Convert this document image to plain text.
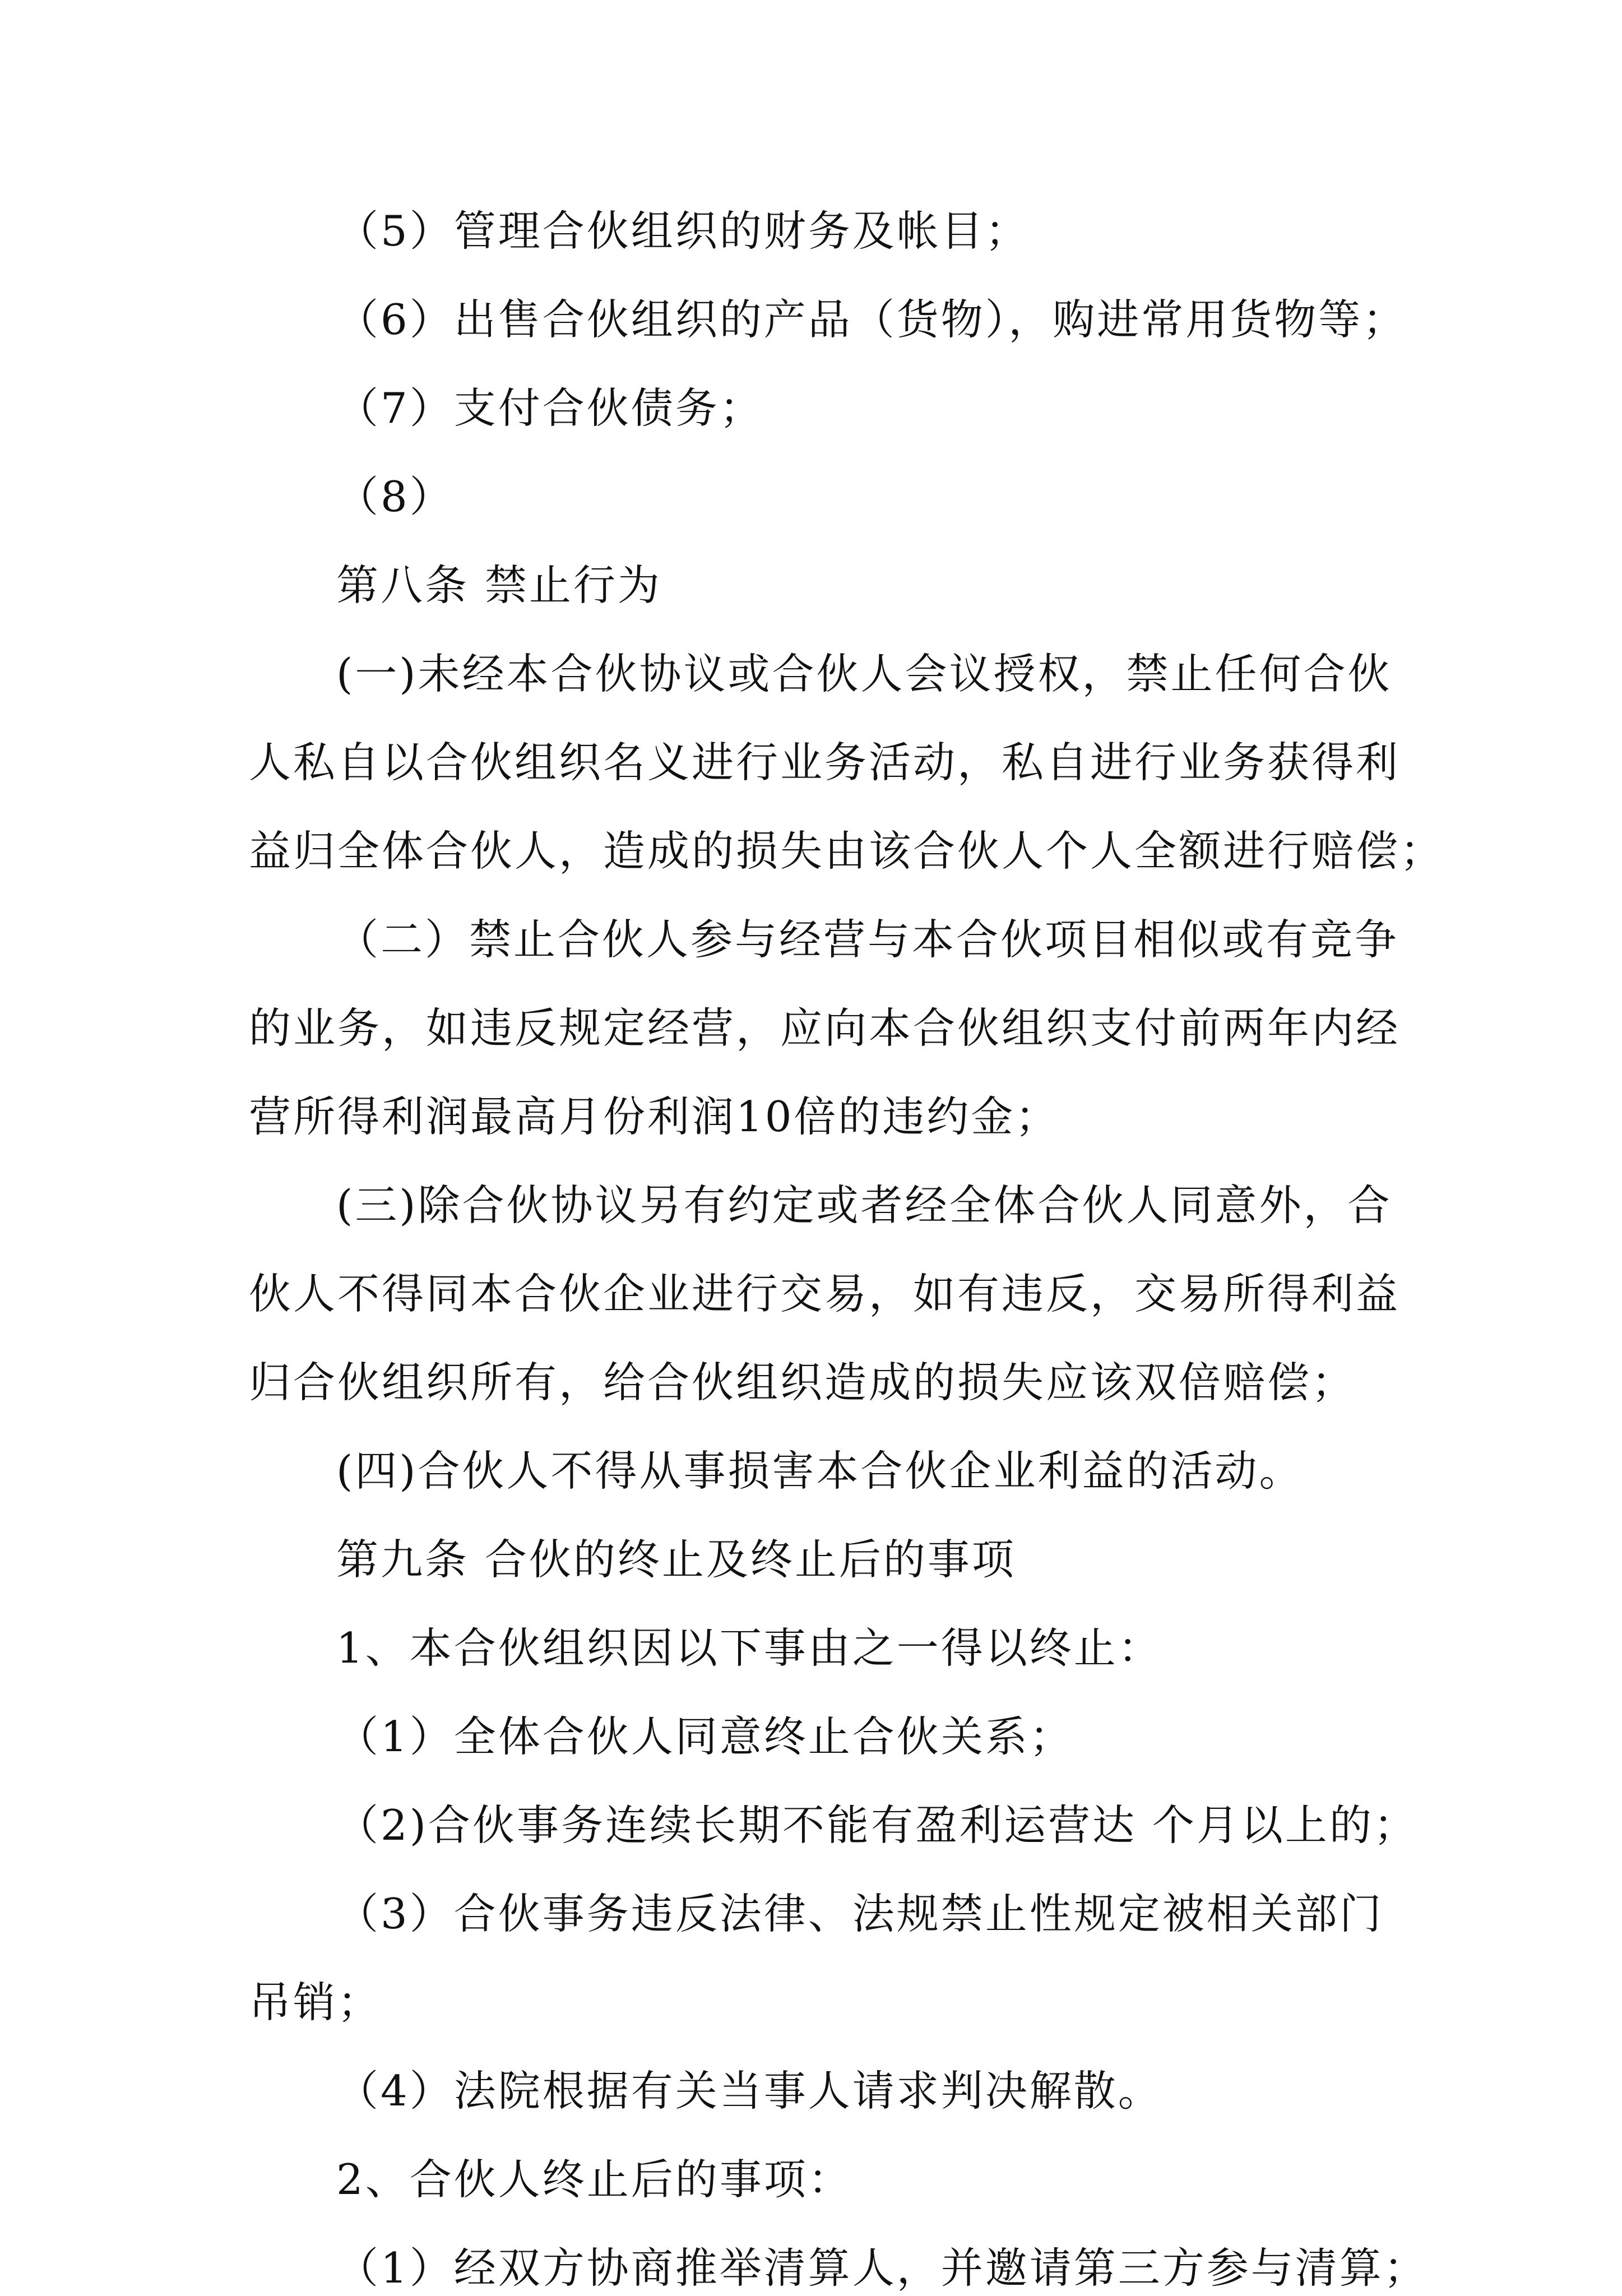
（5）管理合伙组织的财务及帐目；
（6）出售合伙组织的产品（货物），购进常用货物等；
（7）支付合伙债务；
（8）
第八条 禁止行为
(一)未经本合伙协议或合伙人会议授权，禁止任何合伙
人私自以合伙组织名义进行业务活动，私自进行业务获得利
益归全体合伙人，造成的损失由该合伙人个人全额进行赔偿；
（二）禁止合伙人参与经营与本合伙项目相似或有竞争
的业务，如违反规定经营，应向本合伙组织支付前两年内经
营所得利润最高月份利润10倍的违约金；
(三)除合伙协议另有约定或者经全体合伙人同意外，合
伙人不得同本合伙企业进行交易，如有违反，交易所得利益
归合伙组织所有，给合伙组织造成的损失应该双倍赔偿；
(四)合伙人不得从事损害本合伙企业利益的活动。
第九条 合伙的终止及终止后的事项
1、本合伙组织因以下事由之一得以终止：
（1）全体合伙人同意终止合伙关系；
（2)合伙事务连续长期不能有盈利运营达 个月以上的；
（3）合伙事务违反法律、法规禁止性规定被相关部门
吊销；
（4）法院根据有关当事人请求判决解散。
2、合伙人终止后的事项：
（1）经双方协商推举清算人，并邀请第三方参与清算；
